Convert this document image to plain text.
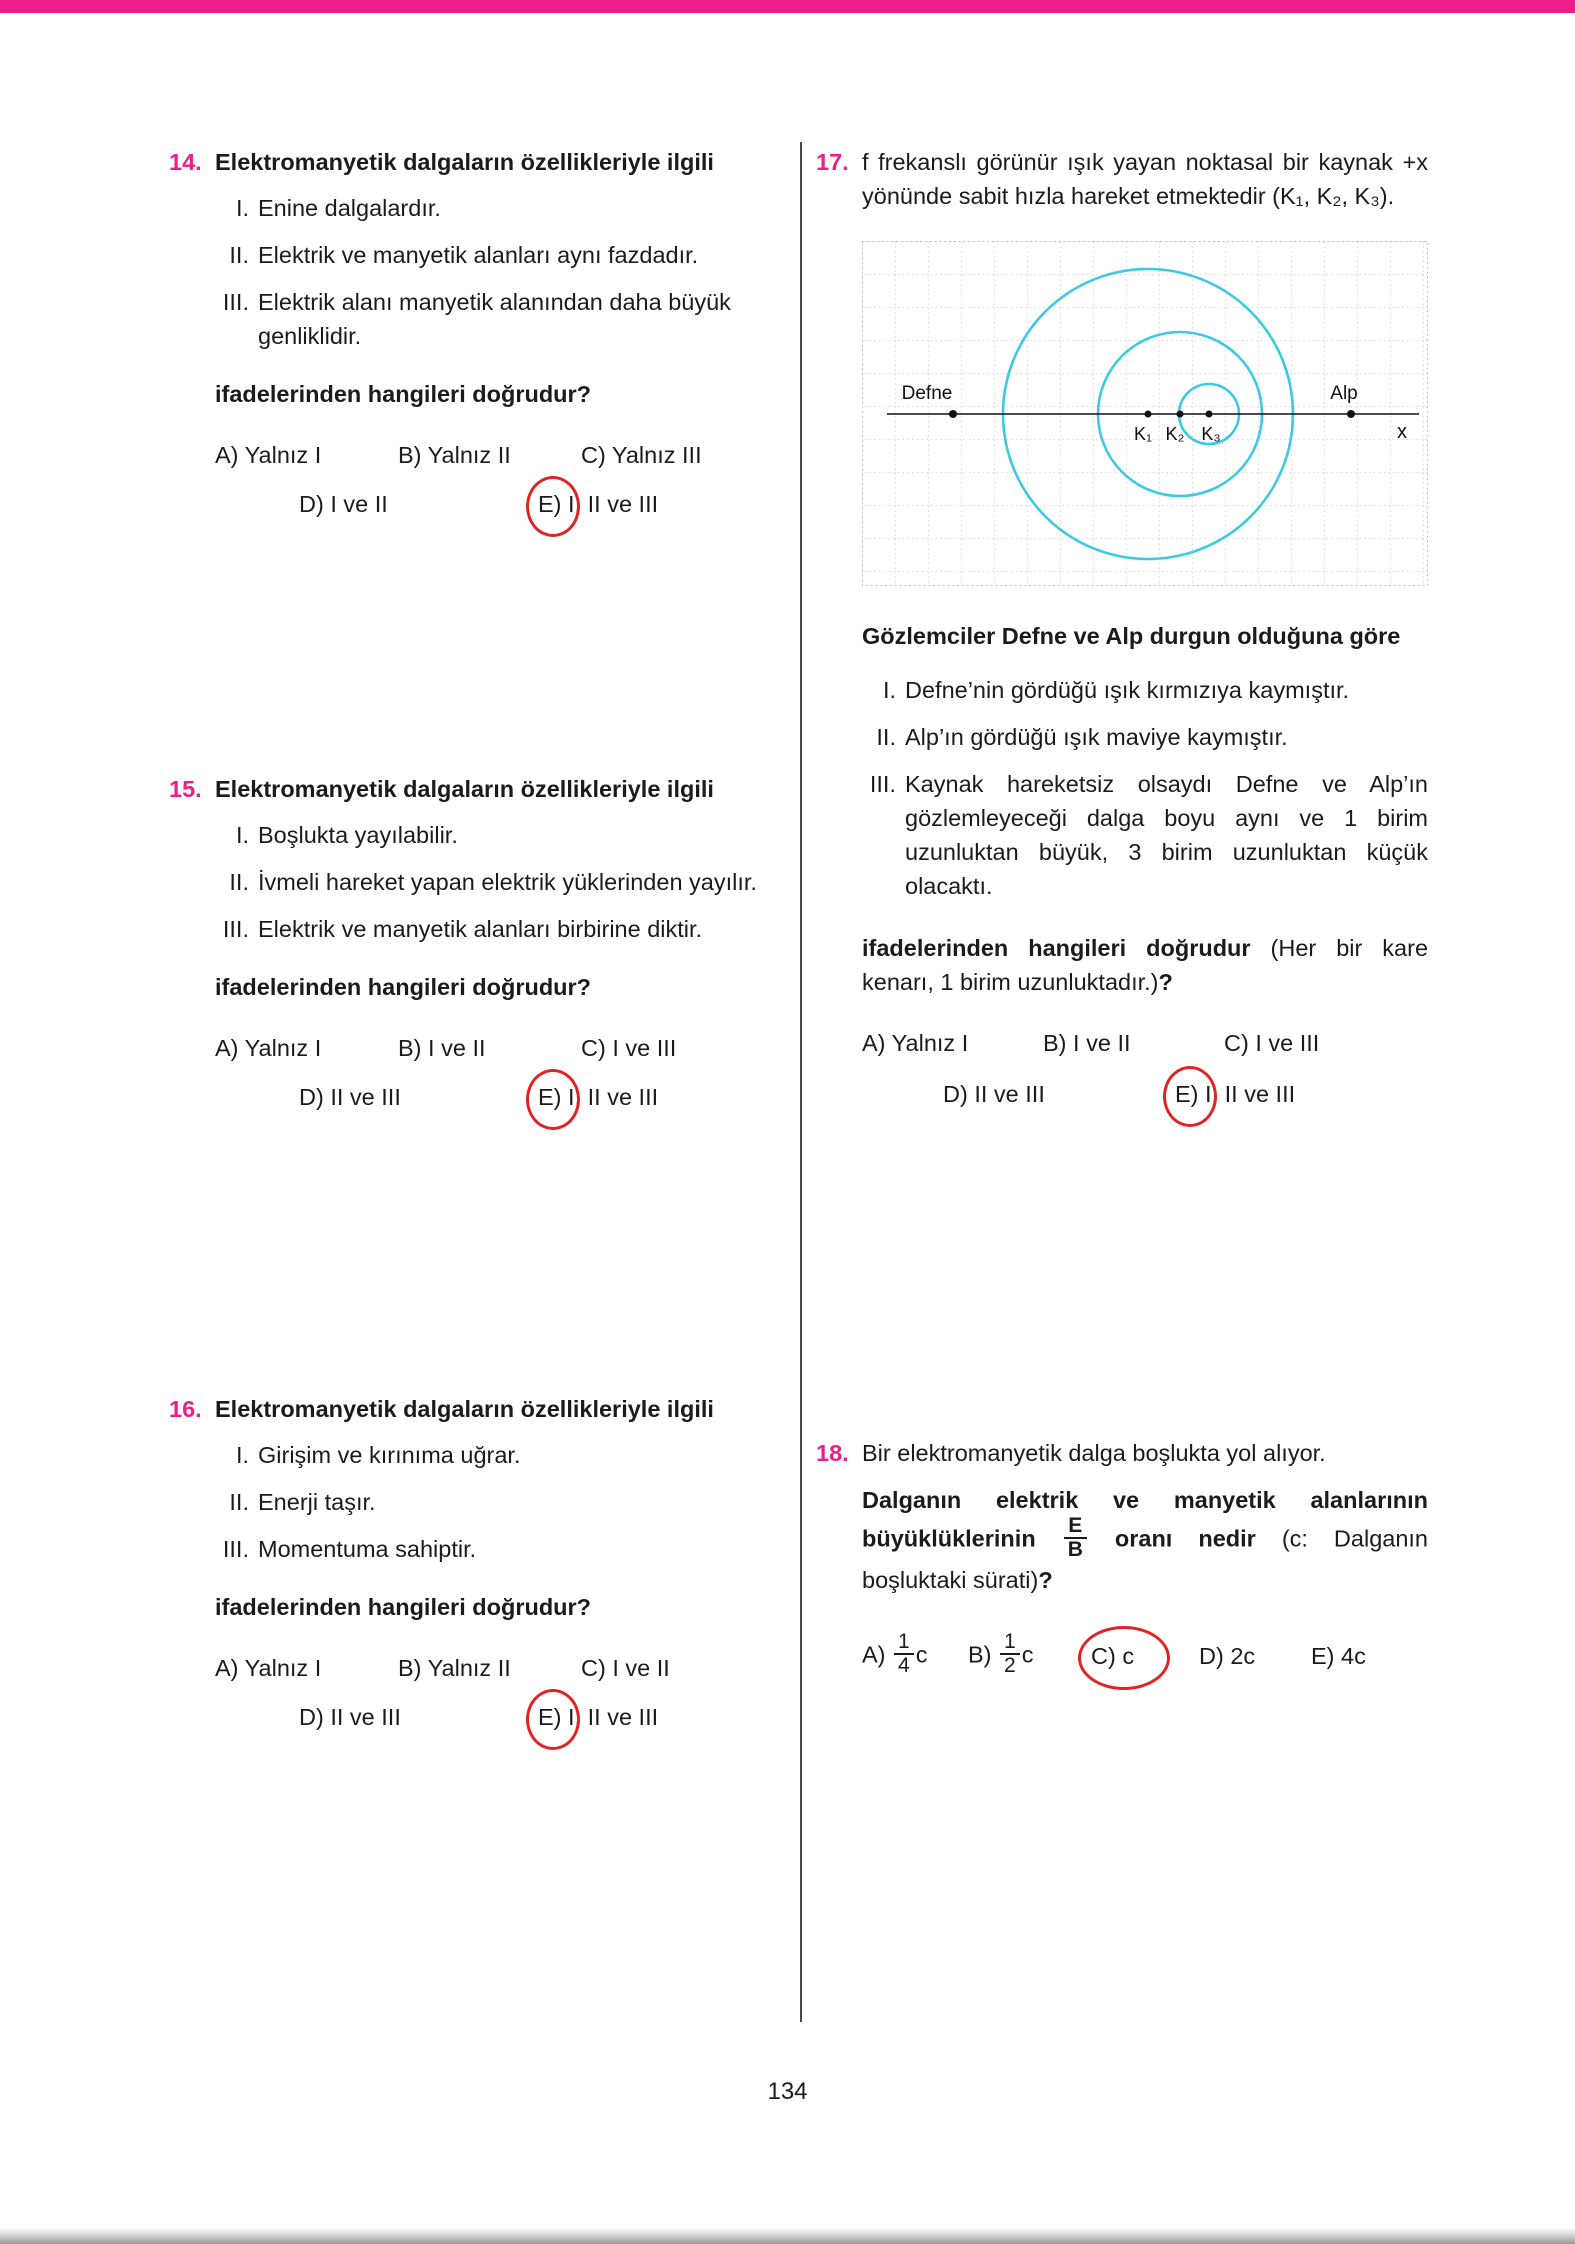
14. Elektromanyetik dalgaların özellikleriyle ilgili
I. Enine dalgalardır.
II. Elektrik ve manyetik alanları aynı fazdadır.
III. Elektrik alanı manyetik alanından daha büyük genliklidir.
ifadelerinden hangileri doğrudur?
A) Yalnız I	B) Yalnız II	C) Yalnız III
D) I ve II	E) I, II ve III
15. Elektromanyetik dalgaların özellikleriyle ilgili
I. Boşlukta yayılabilir.
II. İvmeli hareket yapan elektrik yüklerinden yayılır.
III. Elektrik ve manyetik alanları birbirine diktir.
ifadelerinden hangileri doğrudur?
A) Yalnız I	B) I ve II	C) I ve III
D) II ve III	E) I, II ve III
16. Elektromanyetik dalgaların özellikleriyle ilgili
I. Girişim ve kırınıma uğrar.
II. Enerji taşır.
III. Momentuma sahiptir.
ifadelerinden hangileri doğrudur?
A) Yalnız I	B) Yalnız II	C) I ve II
D) II ve III	E) I, II ve III
17. f frekanslı görünür ışık yayan noktasal bir kaynak +x yönünde sabit hızla hareket etmektedir (K₁, K₂, K₃).
Defne	Alp
x
K₁ K₂ K₃
Gözlemciler Defne ve Alp durgun olduğuna göre
I. Defne’nin gördüğü ışık kırmızıya kaymıştır.
II. Alp’ın gördüğü ışık maviye kaymıştır.
III. Kaynak hareketsiz olsaydı Defne ve Alp’ın gözlemleyeceği dalga boyu aynı ve 1 birim uzunluktan büyük, 3 birim uzunluktan küçük olacaktı.
ifadelerinden hangileri doğrudur (Her bir kare kenarı, 1 birim uzunluktadır.)?
A) Yalnız I	B) I ve II	C) I ve III
D) II ve III	E) I, II ve III
18. Bir elektromanyetik dalga boşlukta yol alıyor.
Dalganın elektrik ve manyetik alanlarının büyüklüklerinin $\frac{E}{B}$ oranı nedir (c: Dalganın boşluktaki sürati)?
$A) \frac{1}{4}$ c	$B) \frac{1}{2}$ c	C) c	D) 2c	E) 4c
134
